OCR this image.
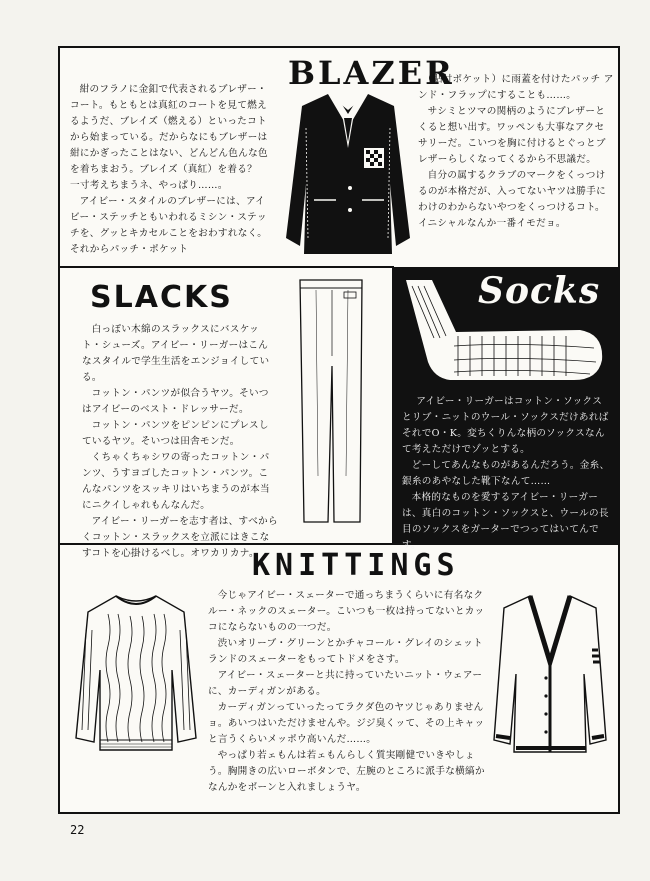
BLAZER

紺のフラノに金釦で代表されるブレザー・コート。もともとは真紅のコートを見て燃えるようだ、ブレイズ（燃える）といったコトから始まっている。だからなにもブレザーは紺にかぎったことはない、どんどん色んな色を着ちまおう。ブレイズ（真紅）を着る？　一寸考えちまうネ、やっぱり……。

アイビー・スタイルのブレザーには、アイビー・ステッチともいわれるミシン・ステッチを、グッとキカセルことをおわすれなく。それからパッチ・ポケット

（貼付ポケット）に雨蓋を付けたパッチ アンド・フラップにすることも……。

サシミとツマの関柄のようにブレザーとくると想い出す。ワッペンも大事なアクセサリーだ。こいつを胸に付けるとぐっとブレザーらしくなってくるから不思議だ。

自分の属するクラブのマークをくっつけるのが本格だが、入ってないヤツは勝手にわけのわからないやつをくっつけるコト。イニシャルなんか一番イモだョ。

SLACKS

白っぽい木綿のスラックスにバスケット・シューズ。アイビー・リーガーはこんなスタイルで学生生活をエンジョイしている。

コットン・パンツが似合うヤツ。そいつはアイビーのベスト・ドレッサーだ。

コットン・パンツをピンピンにプレスしているヤツ。そいつは田舎モンだ。

くちゃくちゃシワの寄ったコットン・パンツ、うすヨゴしたコットン・パンツ。こんなパンツをスッキリはいちまうのが本当にニクイしゃれもんなんだ。

アイビー・リーガーを志す者は、すべからくコットン・スラックスを立派にはきこなすコトを心掛けるべし。オワカリカナ。

Socks

アイビー・リーガーはコットン・ソックスとリブ・ニットのウール・ソックスだけあればそれでO・K。変ちくりんな柄のソックスなんて考えただけでゾッとする。

どーしてあんなものがあるんだろう。金糸、銀糸のあやなした靴下なんて……

本格的なものを愛するアイビー・リーガーは、真白のコットン・ソックスと、ウールの長目のソックスをガーターでつってはいてんです。

KNITTINGS

今じゃアイビー・スェーターで通っちまうくらいに有名なクルー・ネックのスェーター。こいつも一枚は持ってないとカッコにならないものの一つだ。

渋いオリーブ・グリーンとかチャコール・グレイのシェットランドのスェーターをもってトドメをさす。

アイビー・スェーターと共に持っていたいニット・ウェアーに、カーディガンがある。

カーディガンっていったってラクダ色のヤツじゃありませんョ。あいつはいただけませんや。ジジ臭くッて、その上キャッと言うくらいメッポウ高いんだ……。

やっぱり若ェもんは若ェもんらしく質実剛健でいきやしょう。胸開きの広いローボタンで、左腕のところに派手な横縞かなんかをボーンと入れましょうヤ。

22
